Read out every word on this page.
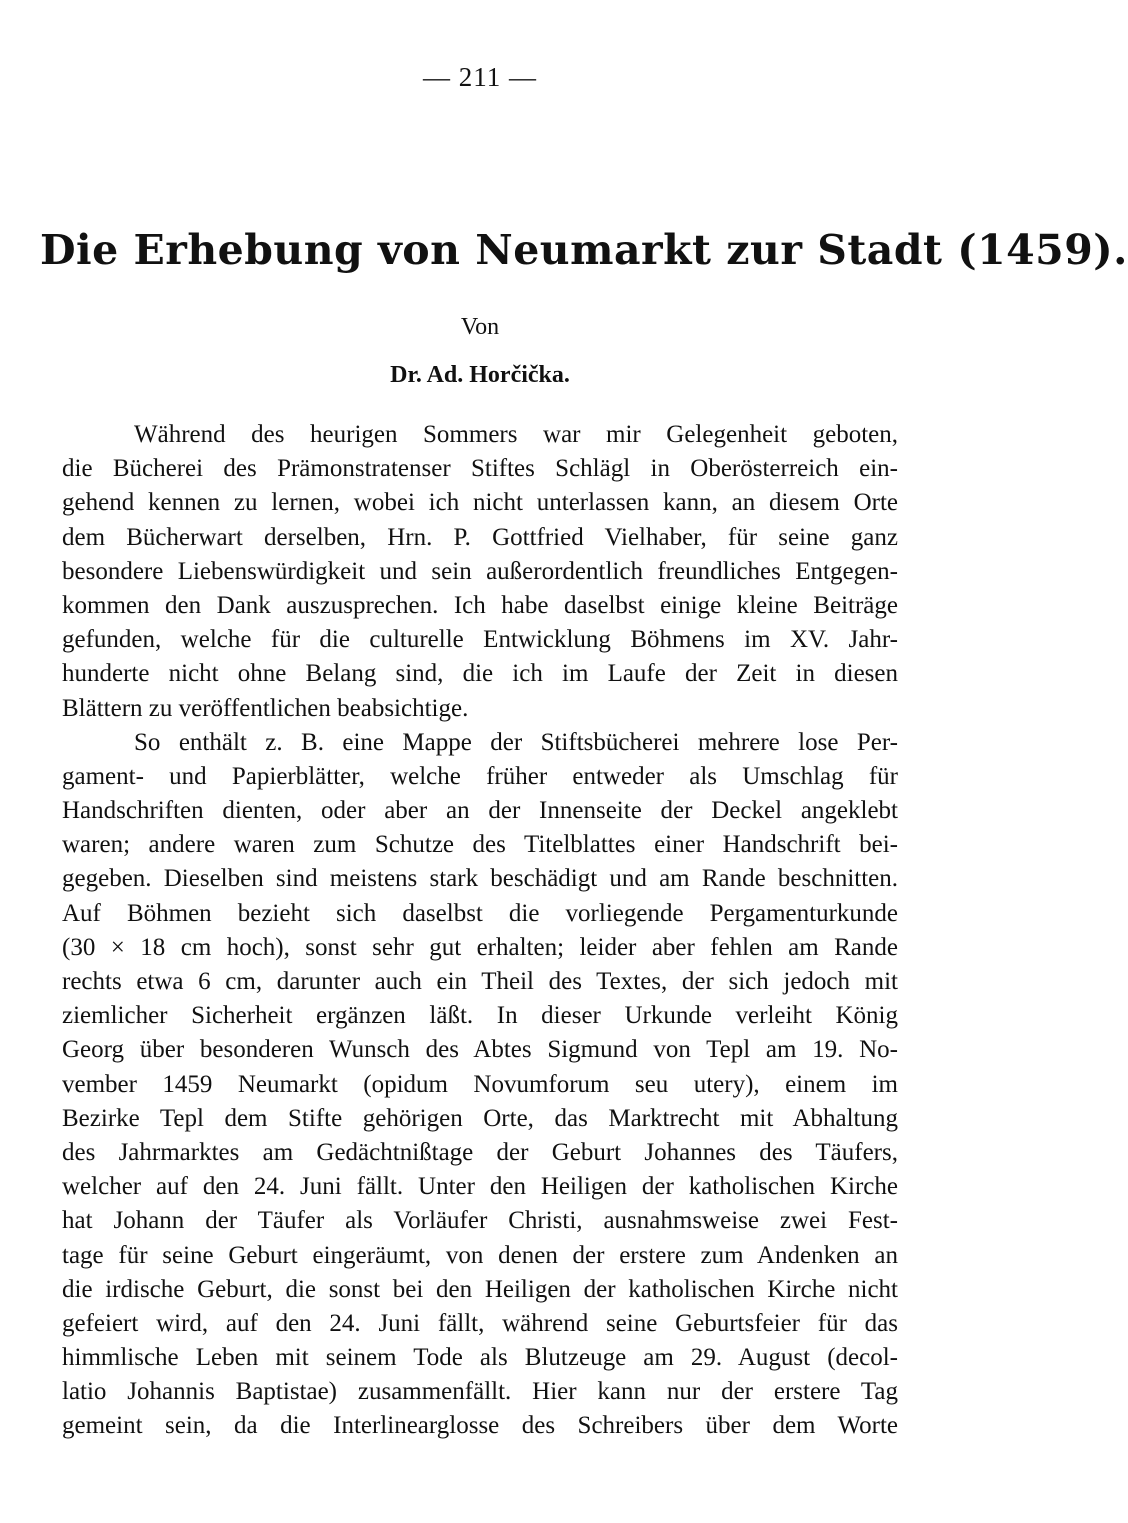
— 211 —
Die Erhebung von Neumarkt zur Stadt (1459).
Von
Dr. Ad. Horčička.
Während des heurigen Sommers war mir Gelegenheit geboten,
die Bücherei des Prämonstratenser Stiftes Schlägl in Oberösterreich ein-
gehend kennen zu lernen, wobei ich nicht unterlassen kann, an diesem Orte
dem Bücherwart derselben, Hrn. P. Gottfried Vielhaber, für seine ganz
besondere Liebenswürdigkeit und sein außerordentlich freundliches Entgegen-
kommen den Dank auszusprechen. Ich habe daselbst einige kleine Beiträge
gefunden, welche für die culturelle Entwicklung Böhmens im XV. Jahr-
hunderte nicht ohne Belang sind, die ich im Laufe der Zeit in diesen
Blättern zu veröffentlichen beabsichtige.
So enthält z. B. eine Mappe der Stiftsbücherei mehrere lose Per-
gament- und Papierblätter, welche früher entweder als Umschlag für
Handschriften dienten, oder aber an der Innenseite der Deckel angeklebt
waren; andere waren zum Schutze des Titelblattes einer Handschrift bei-
gegeben. Dieselben sind meistens stark beschädigt und am Rande beschnitten.
Auf Böhmen bezieht sich daselbst die vorliegende Pergamenturkunde
(30 × 18 cm hoch), sonst sehr gut erhalten; leider aber fehlen am Rande
rechts etwa 6 cm, darunter auch ein Theil des Textes, der sich jedoch mit
ziemlicher Sicherheit ergänzen läßt. In dieser Urkunde verleiht König
Georg über besonderen Wunsch des Abtes Sigmund von Tepl am 19. No-
vember 1459 Neumarkt (opidum Novumforum seu utery), einem im
Bezirke Tepl dem Stifte gehörigen Orte, das Marktrecht mit Abhaltung
des Jahrmarktes am Gedächtnißtage der Geburt Johannes des Täufers,
welcher auf den 24. Juni fällt. Unter den Heiligen der katholischen Kirche
hat Johann der Täufer als Vorläufer Christi, ausnahmsweise zwei Fest-
tage für seine Geburt eingeräumt, von denen der erstere zum Andenken an
die irdische Geburt, die sonst bei den Heiligen der katholischen Kirche nicht
gefeiert wird, auf den 24. Juni fällt, während seine Geburtsfeier für das
himmlische Leben mit seinem Tode als Blutzeuge am 29. August (decol-
latio Johannis Baptistae) zusammenfällt. Hier kann nur der erstere Tag
gemeint sein, da die Interlinearglosse des Schreibers über dem Worte
